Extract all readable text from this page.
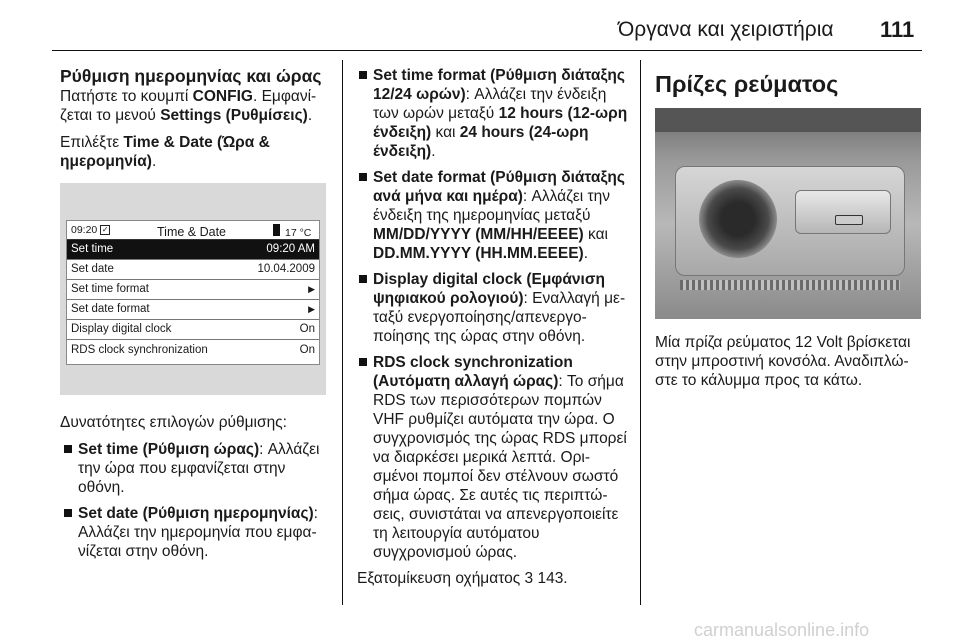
Όργανα και χειριστήρια 111
Ρύθμιση ημερομηνίας και ώρας

Πατήστε το κουμπί CONFIG. Εμφανίζεται το μενού Settings (Ρυθμίσεις).

Επιλέξτε Time & Date (Ώρα & ημερομηνία).

09:20 ✓	Time & Date	17 °C
Set time	09:20 AM
Set date	10.04.2009
Set time format	▶
Set date format	▶
Display digital clock	On
RDS clock synchronization	On

Δυνατότητες επιλογών ρύθμισης:

Set time (Ρύθμιση ώρας): Αλλάζει την ώρα που εμφανίζεται στην οθόνη.
Set date (Ρύθμιση ημερομηνίας): Αλλάζει την ημερομηνία που εμφανίζεται στην οθόνη.
Set time format (Ρύθμιση διάταξης 12/24 ωρών): Αλλάζει την ένδειξη των ωρών μεταξύ 12 hours (12-ωρη ένδειξη) και 24 hours (24-ωρη ένδειξη).
Set date format (Ρύθμιση διάταξης ανά μήνα και ημέρα): Αλλάζει την ένδειξη της ημερομηνίας μεταξύ MM/DD/YYYY (MM/HH/EEEE) και DD.MM.YYYY (HH.MM.EEEE).
Display digital clock (Εμφάνιση ψηφιακού ρολογιού): Εναλλαγή μεταξύ ενεργοποίησης/απενεργοποίησης της ώρας στην οθόνη.
RDS clock synchronization (Αυτόματη αλλαγή ώρας): Το σήμα RDS των περισσότερων πομπών VHF ρυθμίζει αυτόματα την ώρα. Ο συγχρονισμός της ώρας RDS μπορεί να διαρκέσει μερικά λεπτά. Ορισμένοι πομποί δεν στέλνουν σωστό σήμα ώρας. Σε αυτές τις περιπτώσεις, συνιστάται να απενεργοποιείτε τη λειτουργία αυτόματου συγχρονισμού ώρας.

Εξατομίκευση οχήματος 3 143.

Πρίζες ρεύματος

Μία πρίζα ρεύματος 12 Volt βρίσκεται στην μπροστινή κονσόλα. Αναδιπλώστε το κάλυμμα προς τα κάτω.

carmanualsonline.info
